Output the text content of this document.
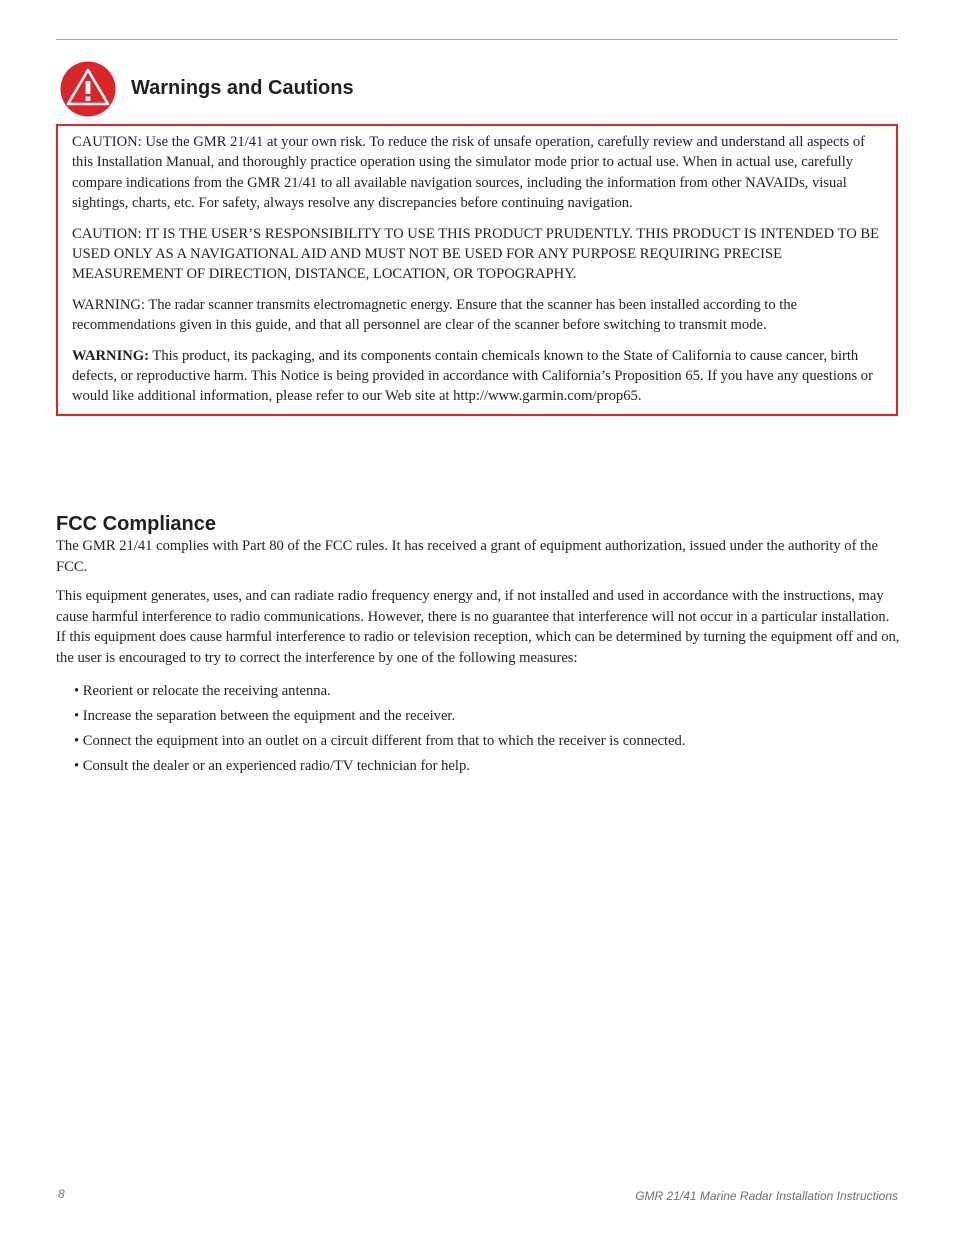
Warnings and Cautions

CAUTION: Use the GMR 21/41 at your own risk. To reduce the risk of unsafe operation, carefully review and understand all aspects of this Installation Manual, and thoroughly practice operation using the simulator mode prior to actual use. When in actual use, carefully compare indications from the GMR 21/41 to all available navigation sources, including the information from other NAVAIDs, visual sightings, charts, etc. For safety, always resolve any discrepancies before continuing navigation.

CAUTION: IT IS THE USER’S RESPONSIBILITY TO USE THIS PRODUCT PRUDENTLY. THIS PRODUCT IS INTENDED TO BE USED ONLY AS A NAVIGATIONAL AID AND MUST NOT BE USED FOR ANY PURPOSE REQUIRING PRECISE MEASUREMENT OF DIRECTION, DISTANCE, LOCATION, OR TOPOGRAPHY.

WARNING: The radar scanner transmits electromagnetic energy. Ensure that the scanner has been installed according to the recommendations given in this guide, and that all personnel are clear of the scanner before switching to transmit mode.

WARNING: This product, its packaging, and its components contain chemicals known to the State of California to cause cancer, birth defects, or reproductive harm. This Notice is being provided in accordance with California’s Proposition 65. If you have any questions or would like additional information, please refer to our Web site at http://www.garmin.com/prop65.

FCC Compliance

The GMR 21/41 complies with Part 80 of the FCC rules. It has received a grant of equipment authorization, issued under the authority of the FCC.

This equipment generates, uses, and can radiate radio frequency energy and, if not installed and used in accordance with the instructions, may cause harmful interference to radio communications. However, there is no guarantee that interference will not occur in a particular installation. If this equipment does cause harmful interference to radio or television reception, which can be determined by turning the equipment off and on, the user is encouraged to try to correct the interference by one of the following measures:

• Reorient or relocate the receiving antenna.
• Increase the separation between the equipment and the receiver.
• Connect the equipment into an outlet on a circuit different from that to which the receiver is connected.
• Consult the dealer or an experienced radio/TV technician for help.
8	GMR 21/41 Marine Radar Installation Instructions
